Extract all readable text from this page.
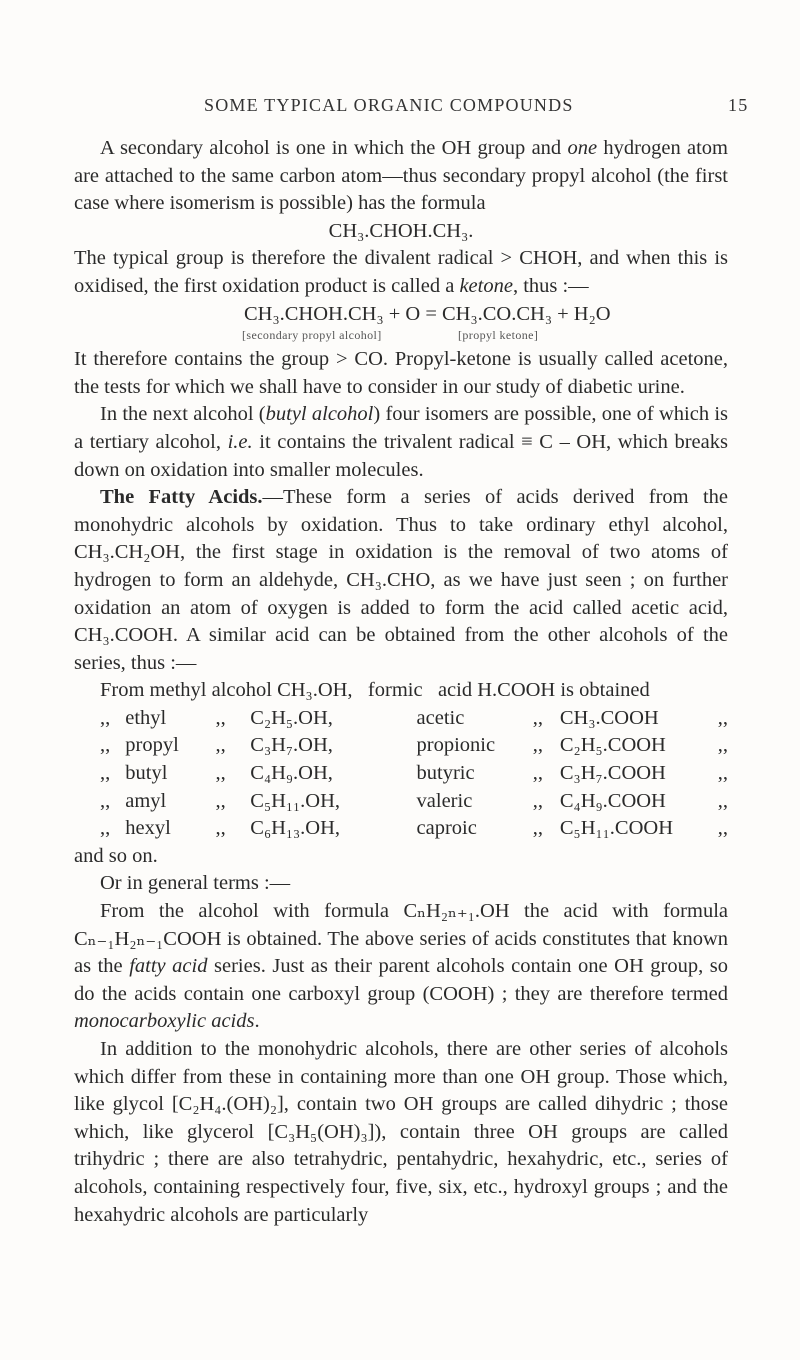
SOME TYPICAL ORGANIC COMPOUNDS	15

A secondary alcohol is one in which the OH group and one hydrogen atom are attached to the same carbon atom—thus secondary propyl alcohol (the first case where isomerism is possible) has the formula

CH₃.CHOH.CH₃.

The typical group is therefore the divalent radical > CHOH, and when this is oxidised, the first oxidation product is called a ketone, thus :—

CH₃.CHOH.CH₃ + O = CH₃.CO.CH₃ + H₂O

[secondary propyl alcohol]	[propyl ketone]

It therefore contains the group > CO. Propyl-ketone is usually called acetone, the tests for which we shall have to consider in our study of diabetic urine.

In the next alcohol (butyl alcohol) four isomers are possible, one of which is a tertiary alcohol, i.e. it contains the trivalent radical ≡ C – OH, which breaks down on oxidation into smaller molecules.

The Fatty Acids.—These form a series of acids derived from the monohydric alcohols by oxidation. Thus to take ordinary ethyl alcohol, CH₃.CH₂OH, the first stage in oxidation is the removal of two atoms of hydrogen to form an aldehyde, CH₃.CHO, as we have just seen ; on further oxidation an atom of oxygen is added to form the acid called acetic acid, CH₃.COOH. A similar acid can be obtained from the other alcohols of the series, thus :—

From methyl alcohol CH₃.OH,   formic   acid H.COOH is obtained

,,	ethyl	,,	C₂H₅.OH,	acetic	,,	CH₃.COOH	,,
,,	propyl	,,	C₃H₇.OH,	propionic	,,	C₂H₅.COOH	,,
,,	butyl	,,	C₄H₉.OH,	butyric	,,	C₃H₇.COOH	,,
,,	amyl	,,	C₅H₁₁.OH,	valeric	,,	C₄H₉.COOH	,,
,,	hexyl	,,	C₆H₁₃.OH,	caproic	,,	C₅H₁₁.COOH	,,

and so on.

Or in general terms :—

From the alcohol with formula CₙH₂ₙ₊₁.OH the acid with formula Cₙ₋₁H₂ₙ₋₁COOH is obtained. The above series of acids constitutes that known as the fatty acid series. Just as their parent alcohols contain one OH group, so do the acids contain one carboxyl group (COOH) ; they are therefore termed monocarboxylic acids.

In addition to the monohydric alcohols, there are other series of alcohols which differ from these in containing more than one OH group. Those which, like glycol [C₂H₄.(OH)₂], contain two OH groups are called dihydric ; those which, like glycerol [C₃H₅(OH)₃]), contain three OH groups are called trihydric ; there are also tetrahydric, pentahydric, hexahydric, etc., series of alcohols, containing respectively four, five, six, etc., hydroxyl groups ; and the hexahydric alcohols are particularly
